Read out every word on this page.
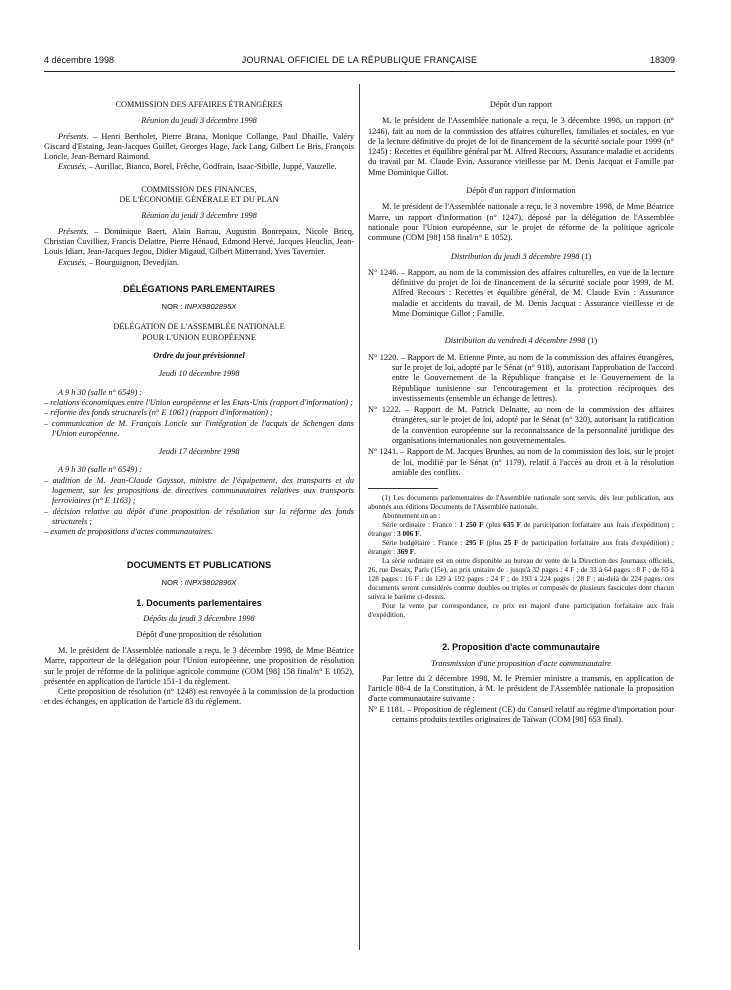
4 décembre 1998	JOURNAL OFFICIEL DE LA RÉPUBLIQUE FRANÇAISE	18309

COMMISSION DES AFFAIRES ÉTRANGÈRES

Réunion du jeudi 3 décembre 1998

Présents. – Henri Bertholet, Pierre Brana, Monique Collange, Paul Dhaille, Valéry Giscard d'Estaing, Jean-Jacques Guillet, Georges Hage, Jack Lang, Gilbert Le Bris, François Loncle, Jean-Bernard Raimond.

Excusés. – Aurillac, Bianco, Borel, Frêche, Godfrain, Isaac-Sibille, Juppé, Vauzelle.

COMMISSION DES FINANCES,

DE L'ÉCONOMIE GÉNÉRALE ET DU PLAN

Réunion du jeudi 3 décembre 1998

Présents. – Dominique Baert, Alain Barrau, Augustin Bonrepaux, Nicole Bricq, Christian Cuvilliez, Francis Delattre, Pierre Hénaud, Edmond Hervé, Jacques Heuclin, Jean-Louis Idiart, Jean-Jacques Jegou, Didier Migaud, Gilbert Mitterrand, Yves Tavernier.

Excusés. – Bourguignon, Devedjian.

DÉLÉGATIONS PARLEMENTAIRES

NOR : INPX9802895X

DÉLÉGATION DE L'ASSEMBLÉE NATIONALE

POUR L'UNION EUROPÉENNE

Ordre du jour prévisionnel

Jeudi 10 décembre 1998

A 9 h 30 (salle n° 6549) :

– relations économiques entre l'Union européenne et les Etats-Unis (rapport d'information) ;

– réforme des fonds structurels (n° E 1061) (rapport d'information) ;

– communication de M. François Loncle sur l'intégration de l'acquis de Schengen dans l'Union européenne.

Jeudi 17 décembre 1998

A 9 h 30 (salle n° 6549) :

– audition de M. Jean-Claude Gayssot, ministre de l'équipement, des transports et du logement, sur les propositions de directives communautaires relatives aux transports ferroviaires (n° E 1163) ;

– décision relative au dépôt d'une proposition de résolution sur la réforme des fonds structurels ;

– examen de propositions d'actes communautaires.

DOCUMENTS ET PUBLICATIONS

NOR : INPX9802896X

1. Documents parlementaires

Dépôts du jeudi 3 décembre 1998

Dépôt d'une proposition de résolution

M. le président de l'Assemblée nationale a reçu, le 3 décembre 1998, de Mme Béatrice Marre, rapporteur de la délégation pour l'Union européenne, une proposition de résolution sur le projet de réforme de la politique agricole commune (COM [98] 158 final/n° E 1052), présentée en application de l'article 151-1 du règlement.

Cette proposition de résolution (n° 1248) est renvoyée à la commission de la production et des échanges, en application de l'article 83 du règlement.

Dépôt d'un rapport

M. le président de l'Assemblée nationale a reçu, le 3 décembre 1998, un rapport (n° 1246), fait au nom de la commission des affaires culturelles, familiales et sociales, en vue de la lecture définitive du projet de loi de financement de la sécurité sociale pour 1999 (n° 1245) : Recettes et équilibre général par M. Alfred Recours, Assurance maladie et accidents du travail par M. Claude Evin, Assurance vieillesse par M. Denis Jacquat et Famille par Mme Dominique Gillot.

Dépôt d'un rapport d'information

M. le président de l'Assemblée nationale a reçu, le 3 novembre 1998, de Mme Béatrice Marre, un rapport d'information (n° 1247), déposé par la délégation de l'Assemblée nationale pour l'Union européenne, sur le projet de réforme de la politique agricole commune (COM [98] 158 final/n° E 1052).

Distribution du jeudi 3 décembre 1998 (1)

N° 1246. – Rapport, au nom de la commission des affaires culturelles, en vue de la lecture définitive du projet de loi de financement de la sécurité sociale pour 1999, de M. Alfred Recours : Recettes et équilibre général, de M. Claude Evin : Assurance maladie et accidents du travail, de M. Denis Jacquat : Assurance vieillesse et de Mme Dominique Gillot : Famille.

Distribution du vendredi 4 décembre 1998 (1)

N° 1220. – Rapport de M. Etienne Pinte, au nom de la commission des affaires étrangères, sur le projet de loi, adopté par le Sénat (n° 918), autorisant l'approbation de l'accord entre le Gouvernement de la République française et le Gouvernement de la République tunisienne sur l'encouragement et la protection réciproques des investissements (ensemble un échange de lettres).

N° 1222. – Rapport de M. Patrick Delnatte, au nom de la commission des affaires étrangères, sur le projet de loi, adopté par le Sénat (n° 320), autorisant la ratification de la convention européenne sur la reconnaissance de la personnalité juridique des organisations internationales non gouvernementales.

N° 1241. – Rapport de M. Jacques Brunhes, au nom de la commission des lois, sur le projet de loi, modifié par le Sénat (n° 1179), relatif à l'accès au droit et à la résolution amiable des conflits.

(1) Les documents parlementaires de l'Assemblée nationale sont servis, dès leur publication, aux abonnés aux éditions Documents de l'Assemblée nationale.

Abonnement un an :

Série ordinaire : France : 1 250 F (plus 635 F de participation forfaitaire aux frais d'expédition) ; étranger : 3 006 F.

Série budgétaire : France : 295 F (plus 25 F de participation forfaitaire aux frais d'expédition) ; étranger : 369 F.

La série ordinaire est en outre disponible au bureau de vente de la Direction des Journaux officiels, 26, rue Desaix, Paris (15e), au prix unitaire de : jusqu'à 32 pages : 4 F ; de 33 à 64 pages : 8 F ; de 65 à 128 pages : 16 F ; de 129 à 192 pages : 24 F ; de 193 à 224 pages : 28 F ; au-delà de 224 pages, ces documents seront considérés comme doubles ou triples et composés de plusieurs fascicules dont chacun suivra le barème ci-dessus.

Pour la vente par correspondance, ce prix est majoré d'une participation forfaitaire aux frais d'expédition.

2. Proposition d'acte communautaire

Transmission d'une proposition d'acte communautaire

Par lettre du 2 décembre 1998, M. le Premier ministre a transmis, en application de l'article 88-4 de la Constitution, à M. le président de l'Assemblée nationale la proposition d'acte communautaire suivante :

N° E 1181. – Proposition de règlement (CE) du Conseil relatif au régime d'importation pour certains produits textiles originaires de Taïwan (COM [98] 653 final).
